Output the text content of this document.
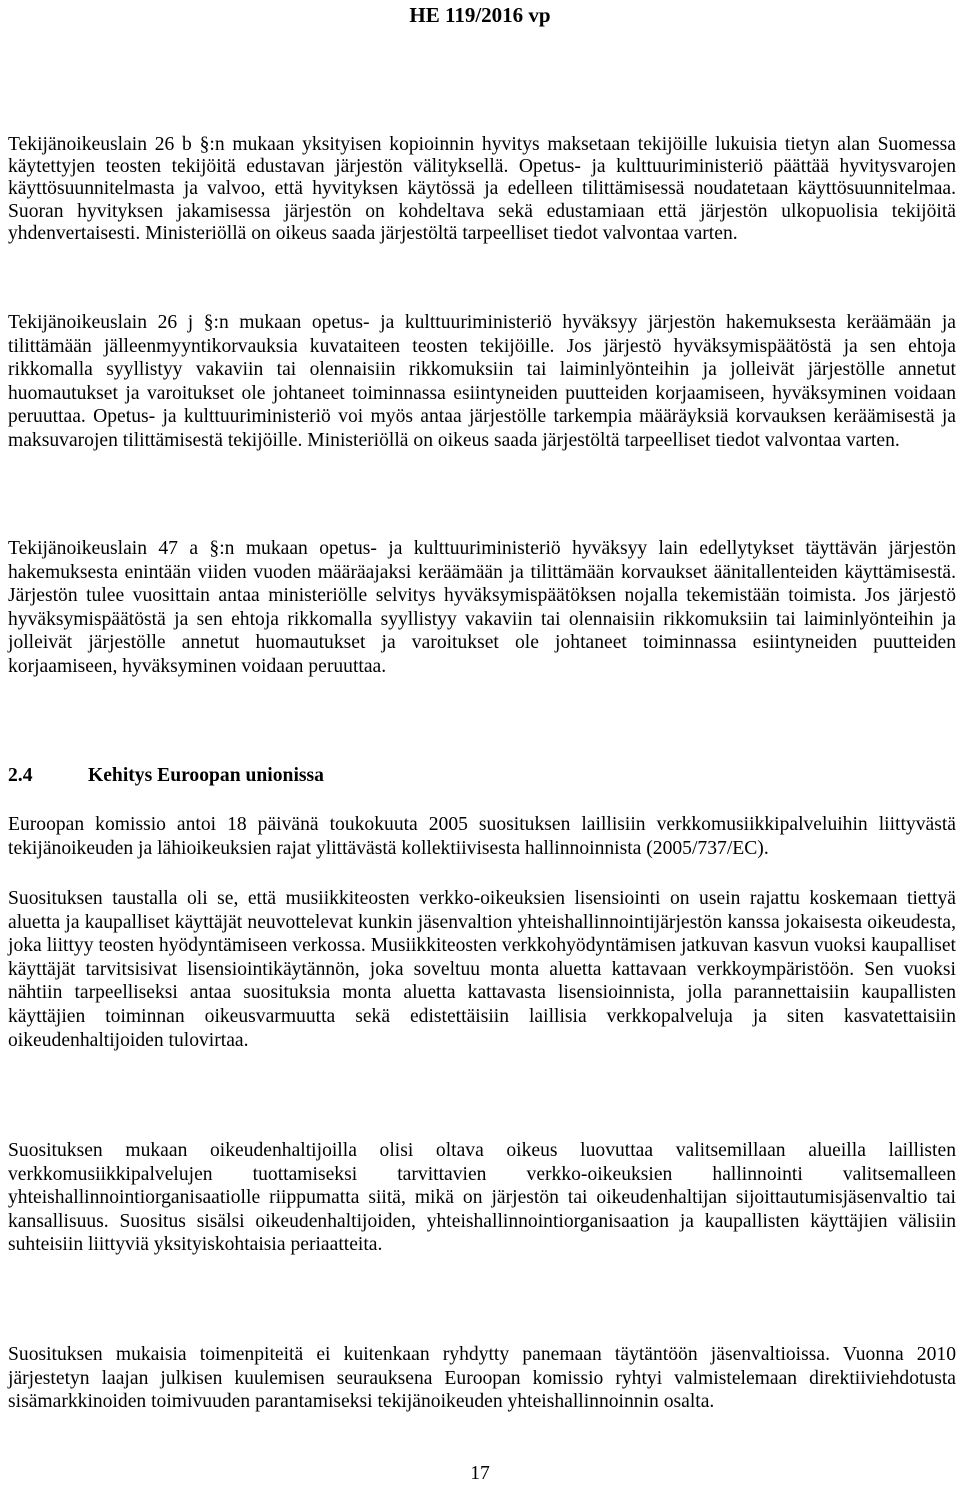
HE 119/2016 vp

Tekijänoikeuslain 26 b §:n mukaan yksityisen kopioinnin hyvitys maksetaan tekijöille lukuisia tietyn alan Suomessa käytettyjen teosten tekijöitä edustavan järjestön välityksellä. Opetus- ja kulttuuriministeriö päättää hyvitysvarojen käyttösuunnitelmasta ja valvoo, että hyvityksen käytössä ja edelleen tilittämisessä noudatetaan käyttösuunnitelmaa. Suoran hyvityksen jakamisessa järjestön on kohdeltava sekä edustamiaan että järjestön ulkopuolisia tekijöitä yhdenvertaisesti. Ministeriöllä on oikeus saada järjestöltä tarpeelliset tiedot valvontaa varten.

Tekijänoikeuslain 26 j §:n mukaan opetus- ja kulttuuriministeriö hyväksyy järjestön hakemuksesta keräämään ja tilittämään jälleenmyyntikorvauksia kuvataiteen teosten tekijöille. Jos järjestö hyväksymispäätöstä ja sen ehtoja rikkomalla syyllistyy vakaviin tai olennaisiin rikkomuksiin tai laiminlyönteihin ja jolleivät järjestölle annetut huomautukset ja varoitukset ole johtaneet toiminnassa esiintyneiden puutteiden korjaamiseen, hyväksyminen voidaan peruuttaa. Opetus- ja kulttuuriministeriö voi myös antaa järjestölle tarkempia määräyksiä korvauksen keräämisestä ja maksuvarojen tilittämisestä tekijöille. Ministeriöllä on oikeus saada järjestöltä tarpeelliset tiedot valvontaa varten.

Tekijänoikeuslain 47 a §:n mukaan opetus- ja kulttuuriministeriö hyväksyy lain edellytykset täyttävän järjestön hakemuksesta enintään viiden vuoden määräajaksi keräämään ja tilittämään korvaukset äänitallenteiden käyttämisestä. Järjestön tulee vuosittain antaa ministeriölle selvitys hyväksymispäätöksen nojalla tekemistään toimista. Jos järjestö hyväksymispäätöstä ja sen ehtoja rikkomalla syyllistyy vakaviin tai olennaisiin rikkomuksiin tai laiminlyönteihin ja jolleivät järjestölle annetut huomautukset ja varoitukset ole johtaneet toiminnassa esiintyneiden puutteiden korjaamiseen, hyväksyminen voidaan peruuttaa.

2.4	Kehitys Euroopan unionissa

Euroopan komissio antoi 18 päivänä toukokuuta 2005 suosituksen laillisiin verkkomusiikkipalveluihin liittyvästä tekijänoikeuden ja lähioikeuksien rajat ylittävästä kollektiivisesta hallinnoinnista (2005/737/EC).

Suosituksen taustalla oli se, että musiikkiteosten verkko-oikeuksien lisensiointi on usein rajattu koskemaan tiettyä aluetta ja kaupalliset käyttäjät neuvottelevat kunkin jäsenvaltion yhteishallinnointijärjestön kanssa jokaisesta oikeudesta, joka liittyy teosten hyödyntämiseen verkossa. Musiikkiteosten verkkohyödyntämisen jatkuvan kasvun vuoksi kaupalliset käyttäjät tarvitsisivat lisensiointikäytännön, joka soveltuu monta aluetta kattavaan verkkoympäristöön. Sen vuoksi nähtiin tarpeelliseksi antaa suosituksia monta aluetta kattavasta lisensioinnista, jolla parannettaisiin kaupallisten käyttäjien toiminnan oikeusvarmuutta sekä edistettäisiin laillisia verkkopalveluja ja siten kasvatettaisiin oikeudenhaltijoiden tulovirtaa.

Suosituksen mukaan oikeudenhaltijoilla olisi oltava oikeus luovuttaa valitsemillaan alueilla laillisten verkkomusiikkipalvelujen tuottamiseksi tarvittavien verkko-oikeuksien hallinnointi valitsemalleen yhteishallinnointiorganisaatiolle riippumatta siitä, mikä on järjestön tai oikeudenhaltijan sijoittautumisjäsenvaltio tai kansallisuus. Suositus sisälsi oikeudenhaltijoiden, yhteishallinnointiorganisaation ja kaupallisten käyttäjien välisiin suhteisiin liittyviä yksityiskohtaisia periaatteita.

Suosituksen mukaisia toimenpiteitä ei kuitenkaan ryhdytty panemaan täytäntöön jäsenvaltioissa. Vuonna 2010 järjestetyn laajan julkisen kuulemisen seurauksena Euroopan komissio ryhtyi valmistelemaan direktiiviehdotusta sisämarkkinoiden toimivuuden parantamiseksi tekijänoikeuden yhteishallinnoinnin osalta.

17
